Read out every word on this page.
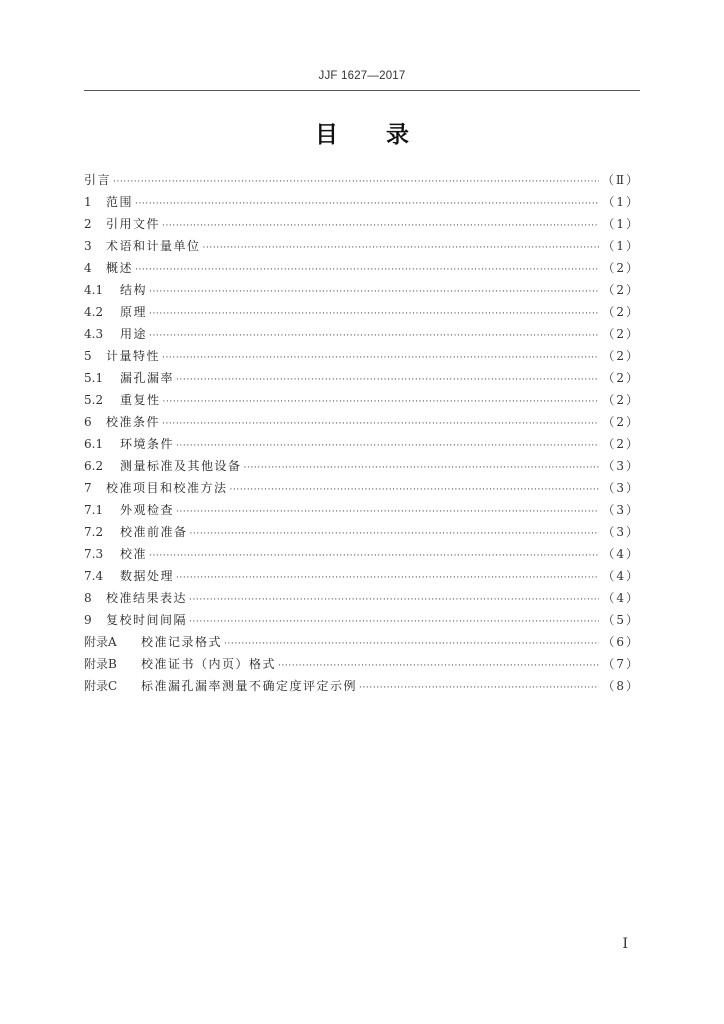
JJF 1627—2017
目录
引言 ·····	（Ⅱ）
1	范围 ·····	（1）
2	引用文件 ·····	（1）
3	术语和计量单位 ·····	（1）
4	概述 ·····	（2）
4.1	结构 ·····	（2）
4.2	原理 ·····	（2）
4.3	用途 ·····	（2）
5	计量特性 ·····	（2）
5.1	漏孔漏率 ·····	（2）
5.2	重复性 ·····	（2）
6	校准条件 ·····	（2）
6.1	环境条件 ·····	（2）
6.2	测量标准及其他设备 ·····	（3）
7	校准项目和校准方法 ·····	（3）
7.1	外观检查 ·····	（3）
7.2	校准前准备 ·····	（3）
7.3	校准 ·····	（4）
7.4	数据处理 ·····	（4）
8	校准结果表达 ·····	（4）
9	复校时间间隔 ·····	（5）
附录A	校准记录格式 ·····	（6）
附录B	校准证书（内页）格式 ·····	（7）
附录C	标准漏孔漏率测量不确定度评定示例 ·····	（8）
Ⅰ
